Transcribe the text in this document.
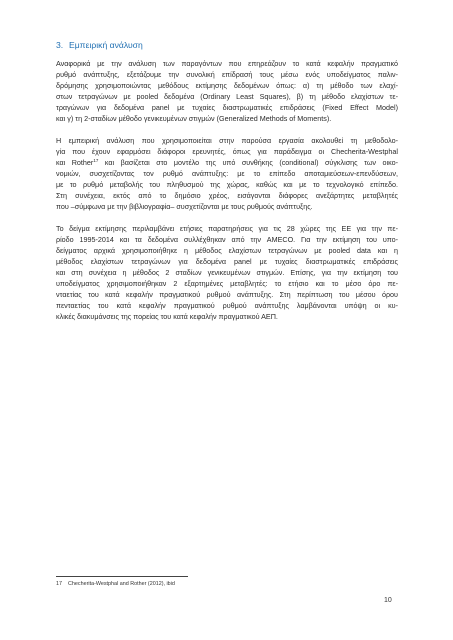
3. Εμπειρική ανάλυση
Αναφορικά με την ανάλυση των παραγόντων που επηρεάζουν το κατά κεφαλήν πραγματικό
ρυθμό ανάπτυξης, εξετάζουμε την συνολική επίδρασή τους μέσω ενός υποδείγματος παλιν-
δρόμησης χρησιμοποιώντας μεθόδους εκτίμησης δεδομένων όπως: α) τη μέθοδο των ελαχί-
στων τετραγώνων με pooled δεδομένα (Ordinary Least Squares), β) τη μέθοδο ελαχίστων τε-
τραγώνων για δεδομένα panel με τυχαίες διαστρωματικές επιδράσεις (Fixed Effect Model)
και γ) τη 2-σταδίων μέθοδο γενικευμένων στιγμών (Generalized Methods of Moments).
Η εμπειρική ανάλυση που χρησιμοποιείται στην παρούσα εργασία ακολουθεί τη μεθοδολο-
γία που έχουν εφαρμόσει διάφοροι ερευνητές, όπως για παράδειγμα οι Checherita-Westphal
και Rother$^{17}$ και βασίζεται στο μοντέλο της υπό συνθήκης (conditional) σύγκλισης των οικο-
νομιών, συσχετίζοντας τον ρυθμό ανάπτυξης: με το επίπεδο αποταμιεύσεων-επενδύσεων,
με το ρυθμό μεταβολής του πληθυσμού της χώρας, καθώς και με το τεχνολογικό επίπεδο.
Στη συνέχεια, εκτός από το δημόσιο χρέος, εισάγονται διάφορες ανεξάρτητες μεταβλητές
που –σύμφωνα με την βιβλιογραφία– συσχετίζονται με τους ρυθμούς ανάπτυξης.
Το δείγμα εκτίμησης περιλαμβάνει ετήσιες παρατηρήσεις για τις 28 χώρες της ΕΕ για την πε-
ρίοδο 1995-2014 και τα δεδομένα συλλέχθηκαν από την AMECO. Για την εκτίμηση του υπο-
δείγματος αρχικά χρησιμοποιήθηκε η μέθοδος ελαχίστων τετραγώνων με pooled data και η
μέθοδος ελαχίστων τετραγώνων για δεδομένα panel με τυχαίες διαστρωματικές επιδράσεις
και στη συνέχεια η μέθοδος 2 σταδίων γενικευμένων στιγμών. Επίσης, για την εκτίμηση του
υποδείγματος χρησιμοποιήθηκαν 2 εξαρτημένες μεταβλητές: το ετήσιο και το μέσο όρο πε-
νταετίας του κατά κεφαλήν πραγματικού ρυθμού ανάπτυξης. Στη περίπτωση του μέσου όρου
πενταετίας του κατά κεφαλήν πραγματικού ρυθμού ανάπτυξης λαμβάνονται υπόψη οι κυ-
κλικές διακυμάνσεις της πορείας του κατά κεφαλήν πραγματικού ΑΕΠ.
17 Checherita-Westphal and Rother (2012), ibid
10
